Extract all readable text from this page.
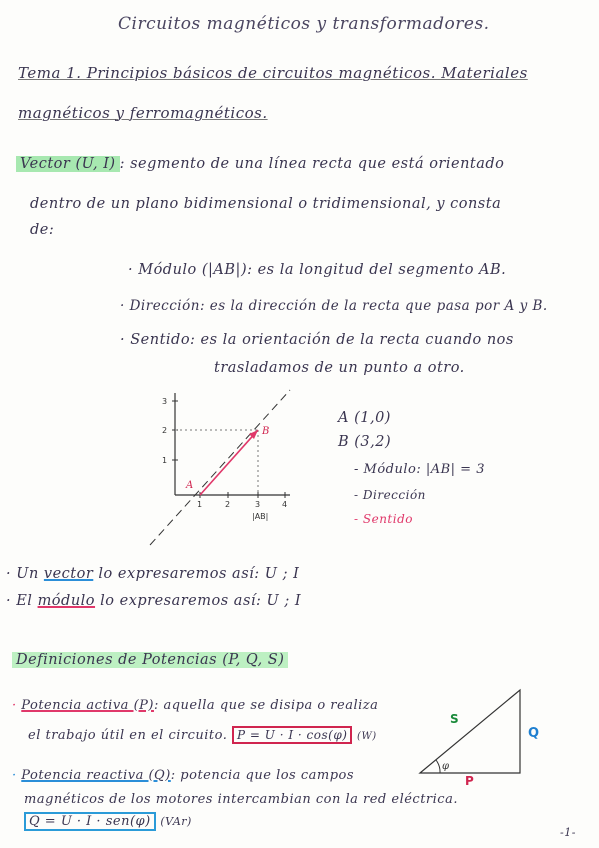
Circuitos magnéticos y transformadores.
Tema 1. Principios básicos de circuitos magnéticos. Materiales
magnéticos y ferromagnéticos.
Vector (U, I) : segmento de una línea recta que está orientado
dentro de un plano bidimensional o tridimensional, y consta
de:
· Módulo (|AB|): es la longitud del segmento AB.
· Dirección: es la dirección de la recta que pasa por A y B.
· Sentido: es la orientación de la recta cuando nos
trasladamos de un punto a otro.
A
B
1	2	3	4
1
2
3
|AB|
A (1,0)
B (3,2)
- Módulo: |AB| = 3
- Dirección
- Sentido
· Un vector lo expresaremos así: U ; I
· El módulo lo expresaremos así: U ; I
Definiciones de Potencias (P, Q, S)
· Potencia activa (P): aquella que se disipa o realiza
el trabajo útil en el circuito. P = U · I · cos(φ) (W)
φ
S
Q
P
· Potencia reactiva (Q): potencia que los campos
magnéticos de los motores intercambian con la red eléctrica.
Q = U · I · sen(φ) (VAr)
-1-
